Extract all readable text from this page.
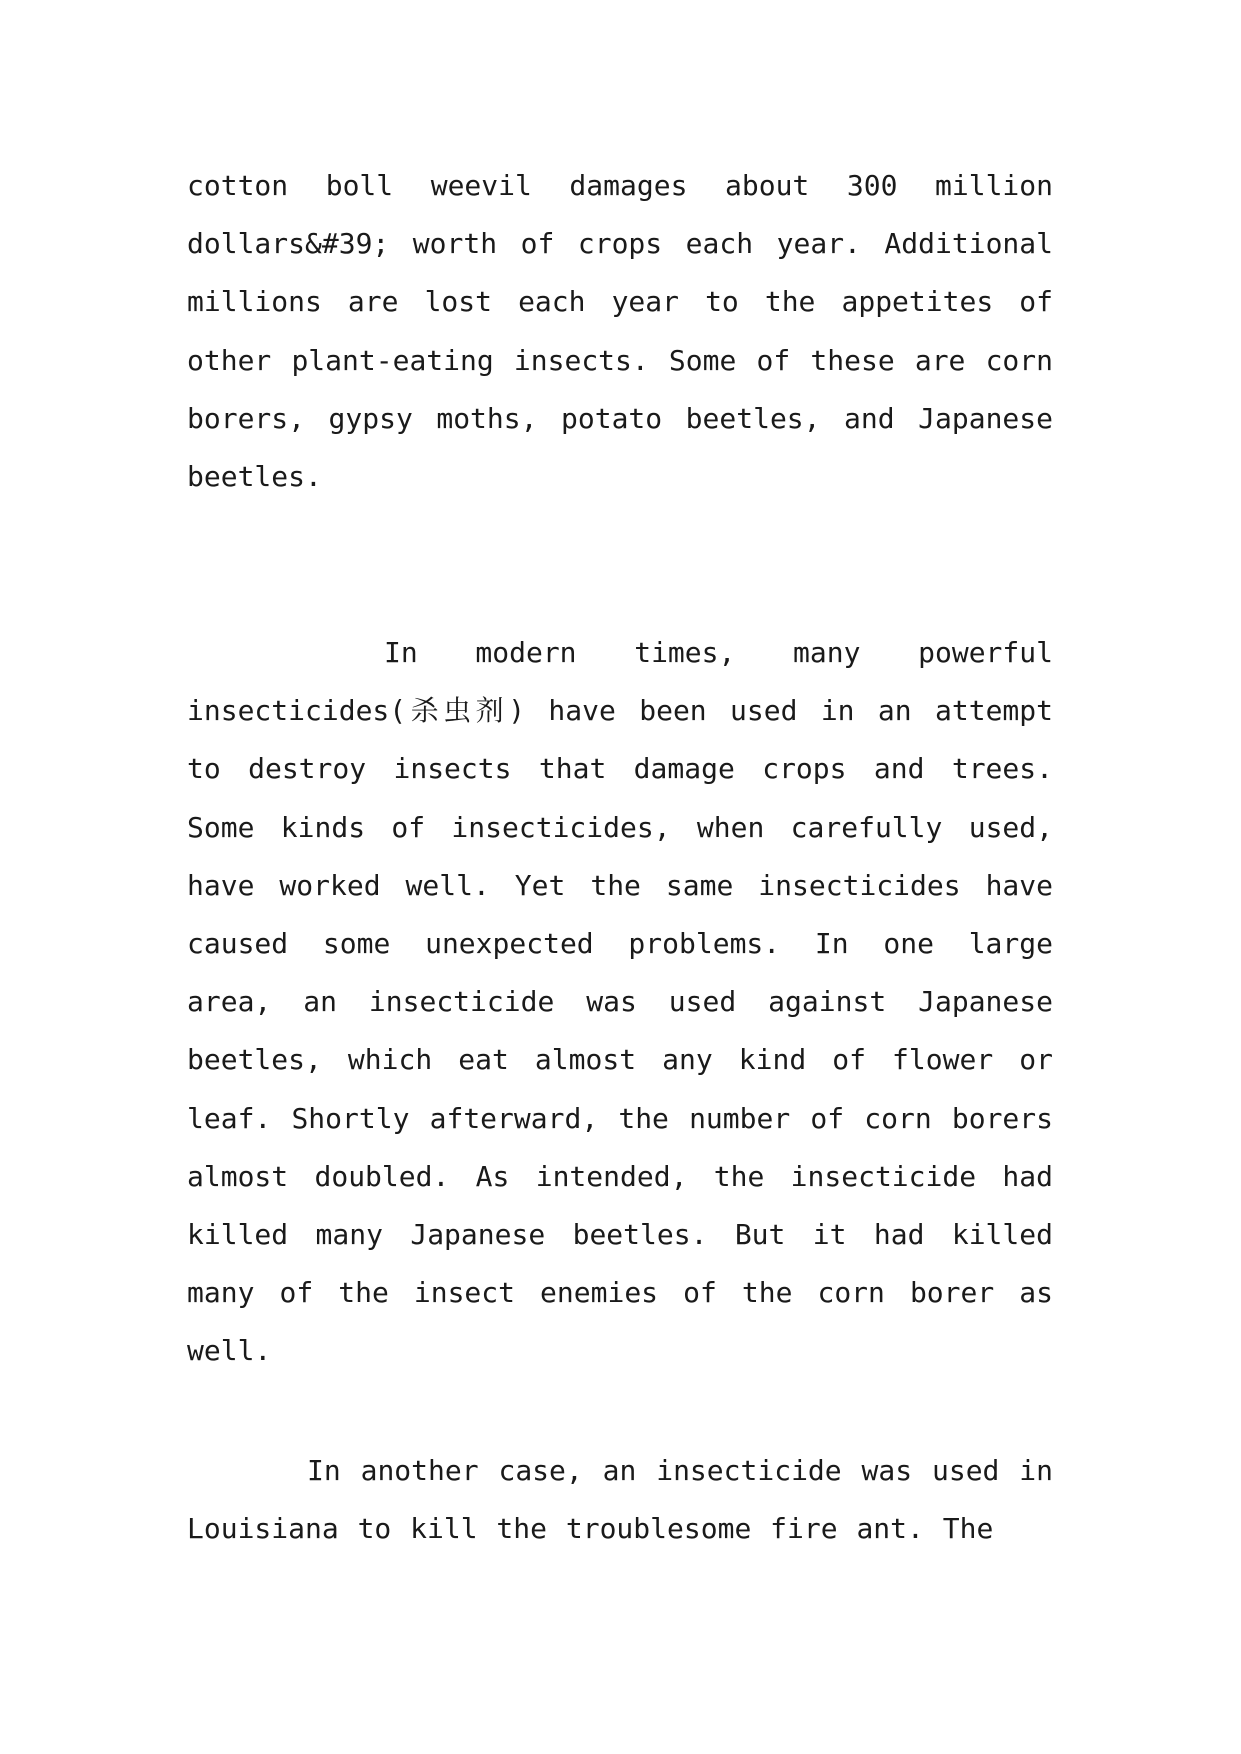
cotton boll weevil damages about 300 million dollars&#39; worth of crops each year. Additional millions are lost each year to the appetites of other plant-eating insects. Some of these are corn borers, gypsy moths, potato beetles, and Japanese beetles.

In modern times, many powerful insecticides(杀虫剂) have been used in an attempt to destroy insects that damage crops and trees. Some kinds of insecticides, when carefully used, have worked well. Yet the same insecticides have caused some unexpected problems. In one large area, an insecticide was used against Japanese beetles, which eat almost any kind of flower or leaf. Shortly afterward, the number of corn borers almost doubled. As intended, the insecticide had killed many Japanese beetles. But it had killed many of the insect enemies of the corn borer as well.

In another case, an insecticide was used in Louisiana to kill the troublesome fire ant. The
